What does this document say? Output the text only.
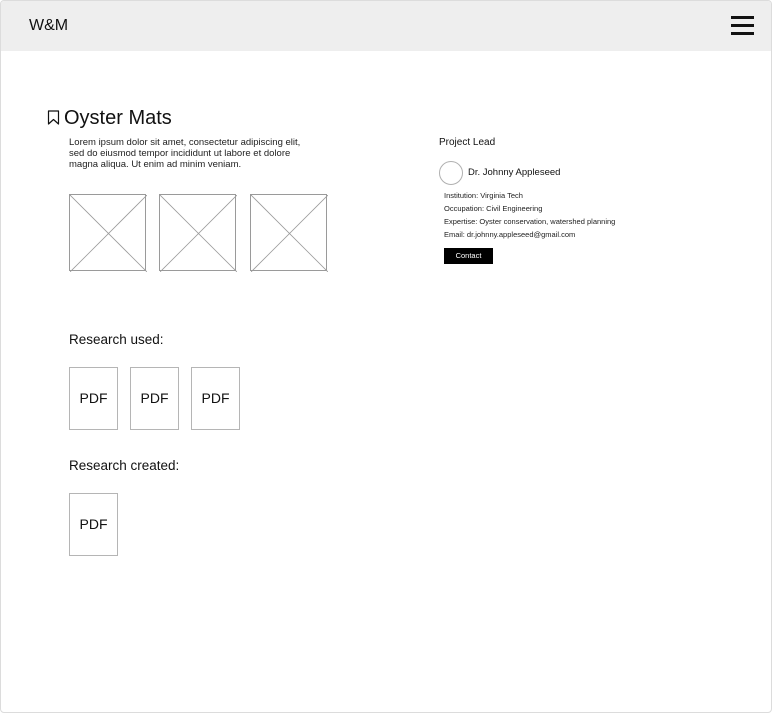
W&M
Oyster Mats

Lorem ipsum dolor sit amet, consectetur adipiscing elit, sed do eiusmod tempor incididunt ut labore et dolore magna aliqua. Ut enim ad minim veniam.

Project Lead
Dr. Johnny Appleseed
Institution: Virginia Tech
Occupation: Civil Engineering
Expertise: Oyster conservation, watershed planning
Email: dr.johnny.appleseed@gmail.com
Contact
Research used:
PDF	PDF	PDF
Research created:
PDF
